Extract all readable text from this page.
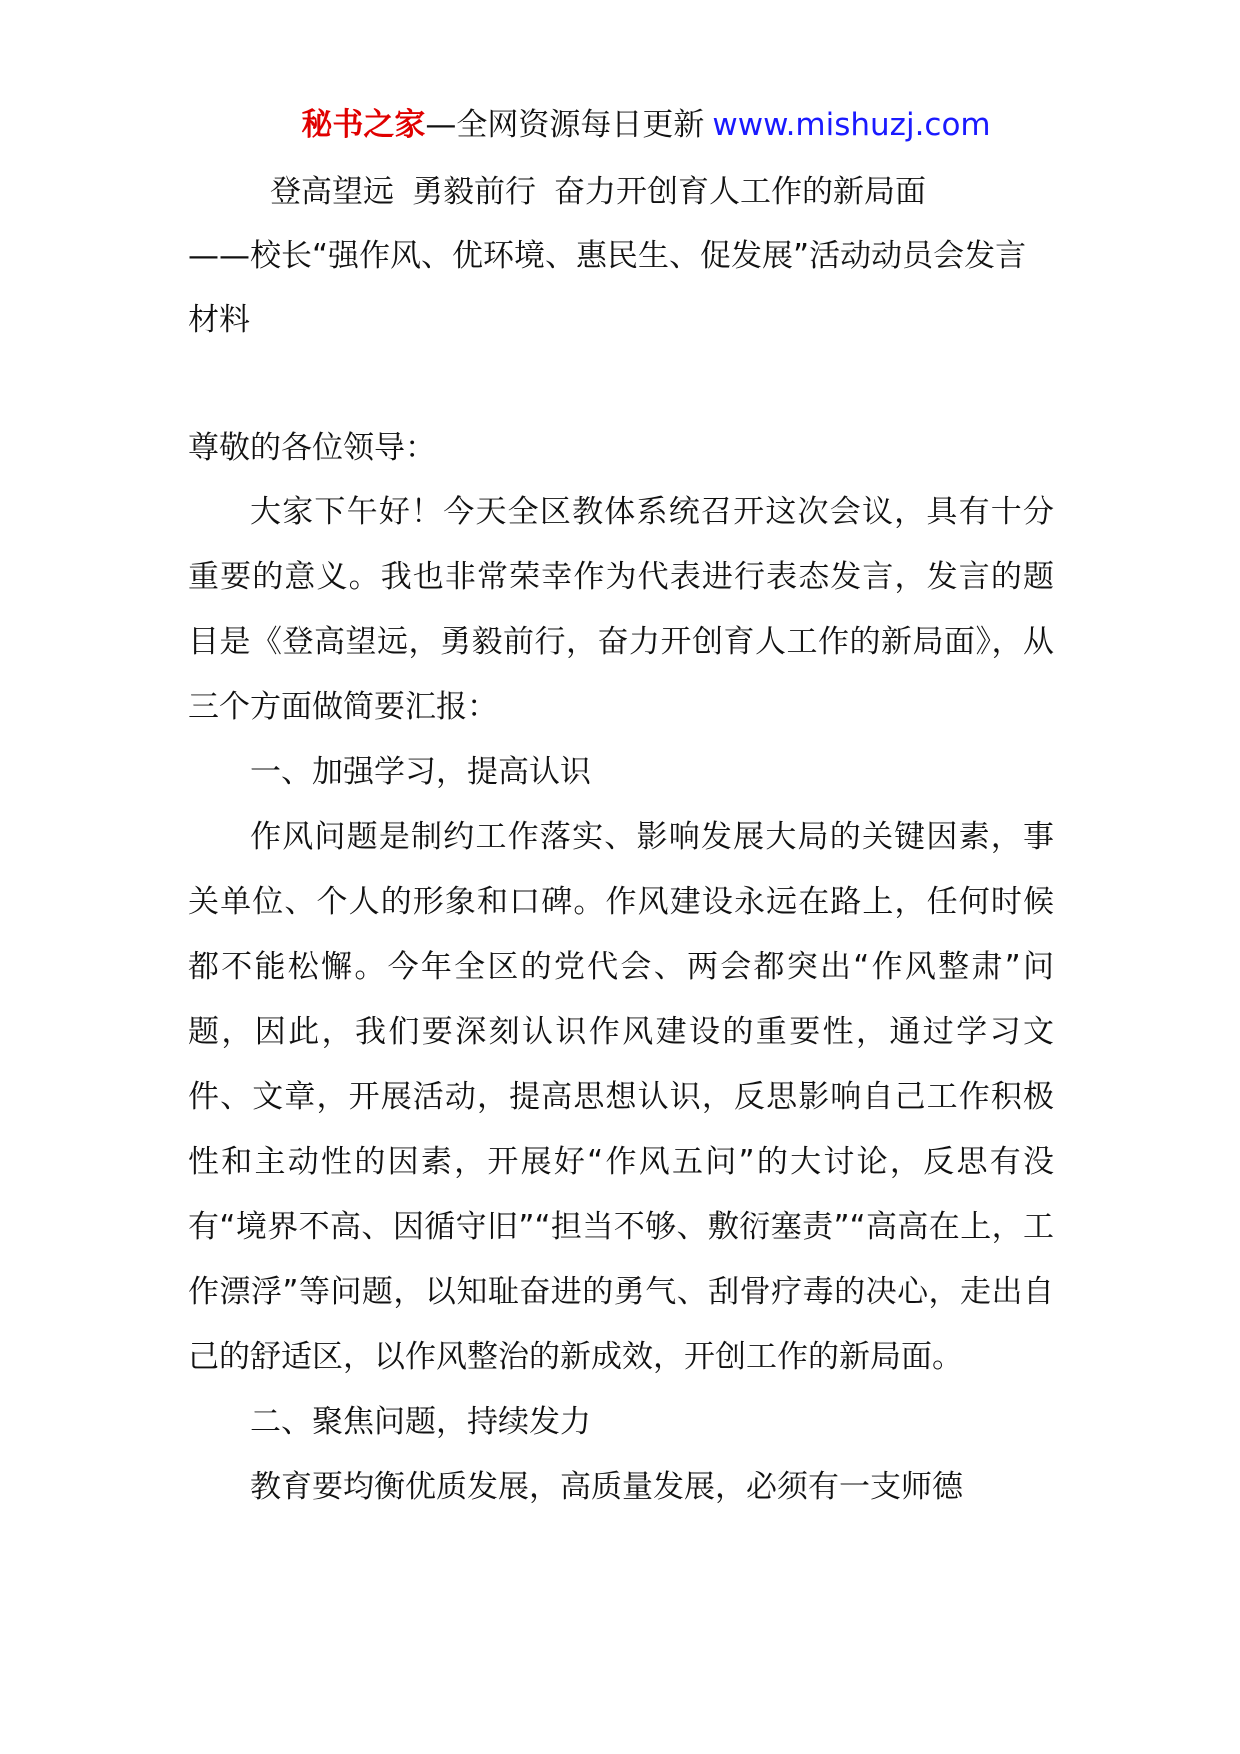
秘书之家—全网资源每日更新 www.mishuzj.com
登高望远 勇毅前行 奋力开创育人工作的新局面
——校长“强作风、优环境、惠民生、促发展”活动动员会发言材料
尊敬的各位领导：

大家下午好！今天全区教体系统召开这次会议，具有十分重要的意义。我也非常荣幸作为代表进行表态发言，发言的题目是《登高望远，勇毅前行，奋力开创育人工作的新局面》，从三个方面做简要汇报：

一、加强学习，提高认识

作风问题是制约工作落实、影响发展大局的关键因素，事关单位、个人的形象和口碑。作风建设永远在路上，任何时候都不能松懈。今年全区的党代会、两会都突出“作风整肃”问题，因此，我们要深刻认识作风建设的重要性，通过学习文件、文章，开展活动，提高思想认识，反思影响自己工作积极性和主动性的因素，开展好“作风五问”的大讨论，反思有没有“境界不高、因循守旧”“担当不够、敷衍塞责”“高高在上，工作漂浮”等问题，以知耻奋进的勇气、刮骨疗毒的决心，走出自己的舒适区，以作风整治的新成效，开创工作的新局面。

二、聚焦问题，持续发力

教育要均衡优质发展，高质量发展，必须有一支师德
